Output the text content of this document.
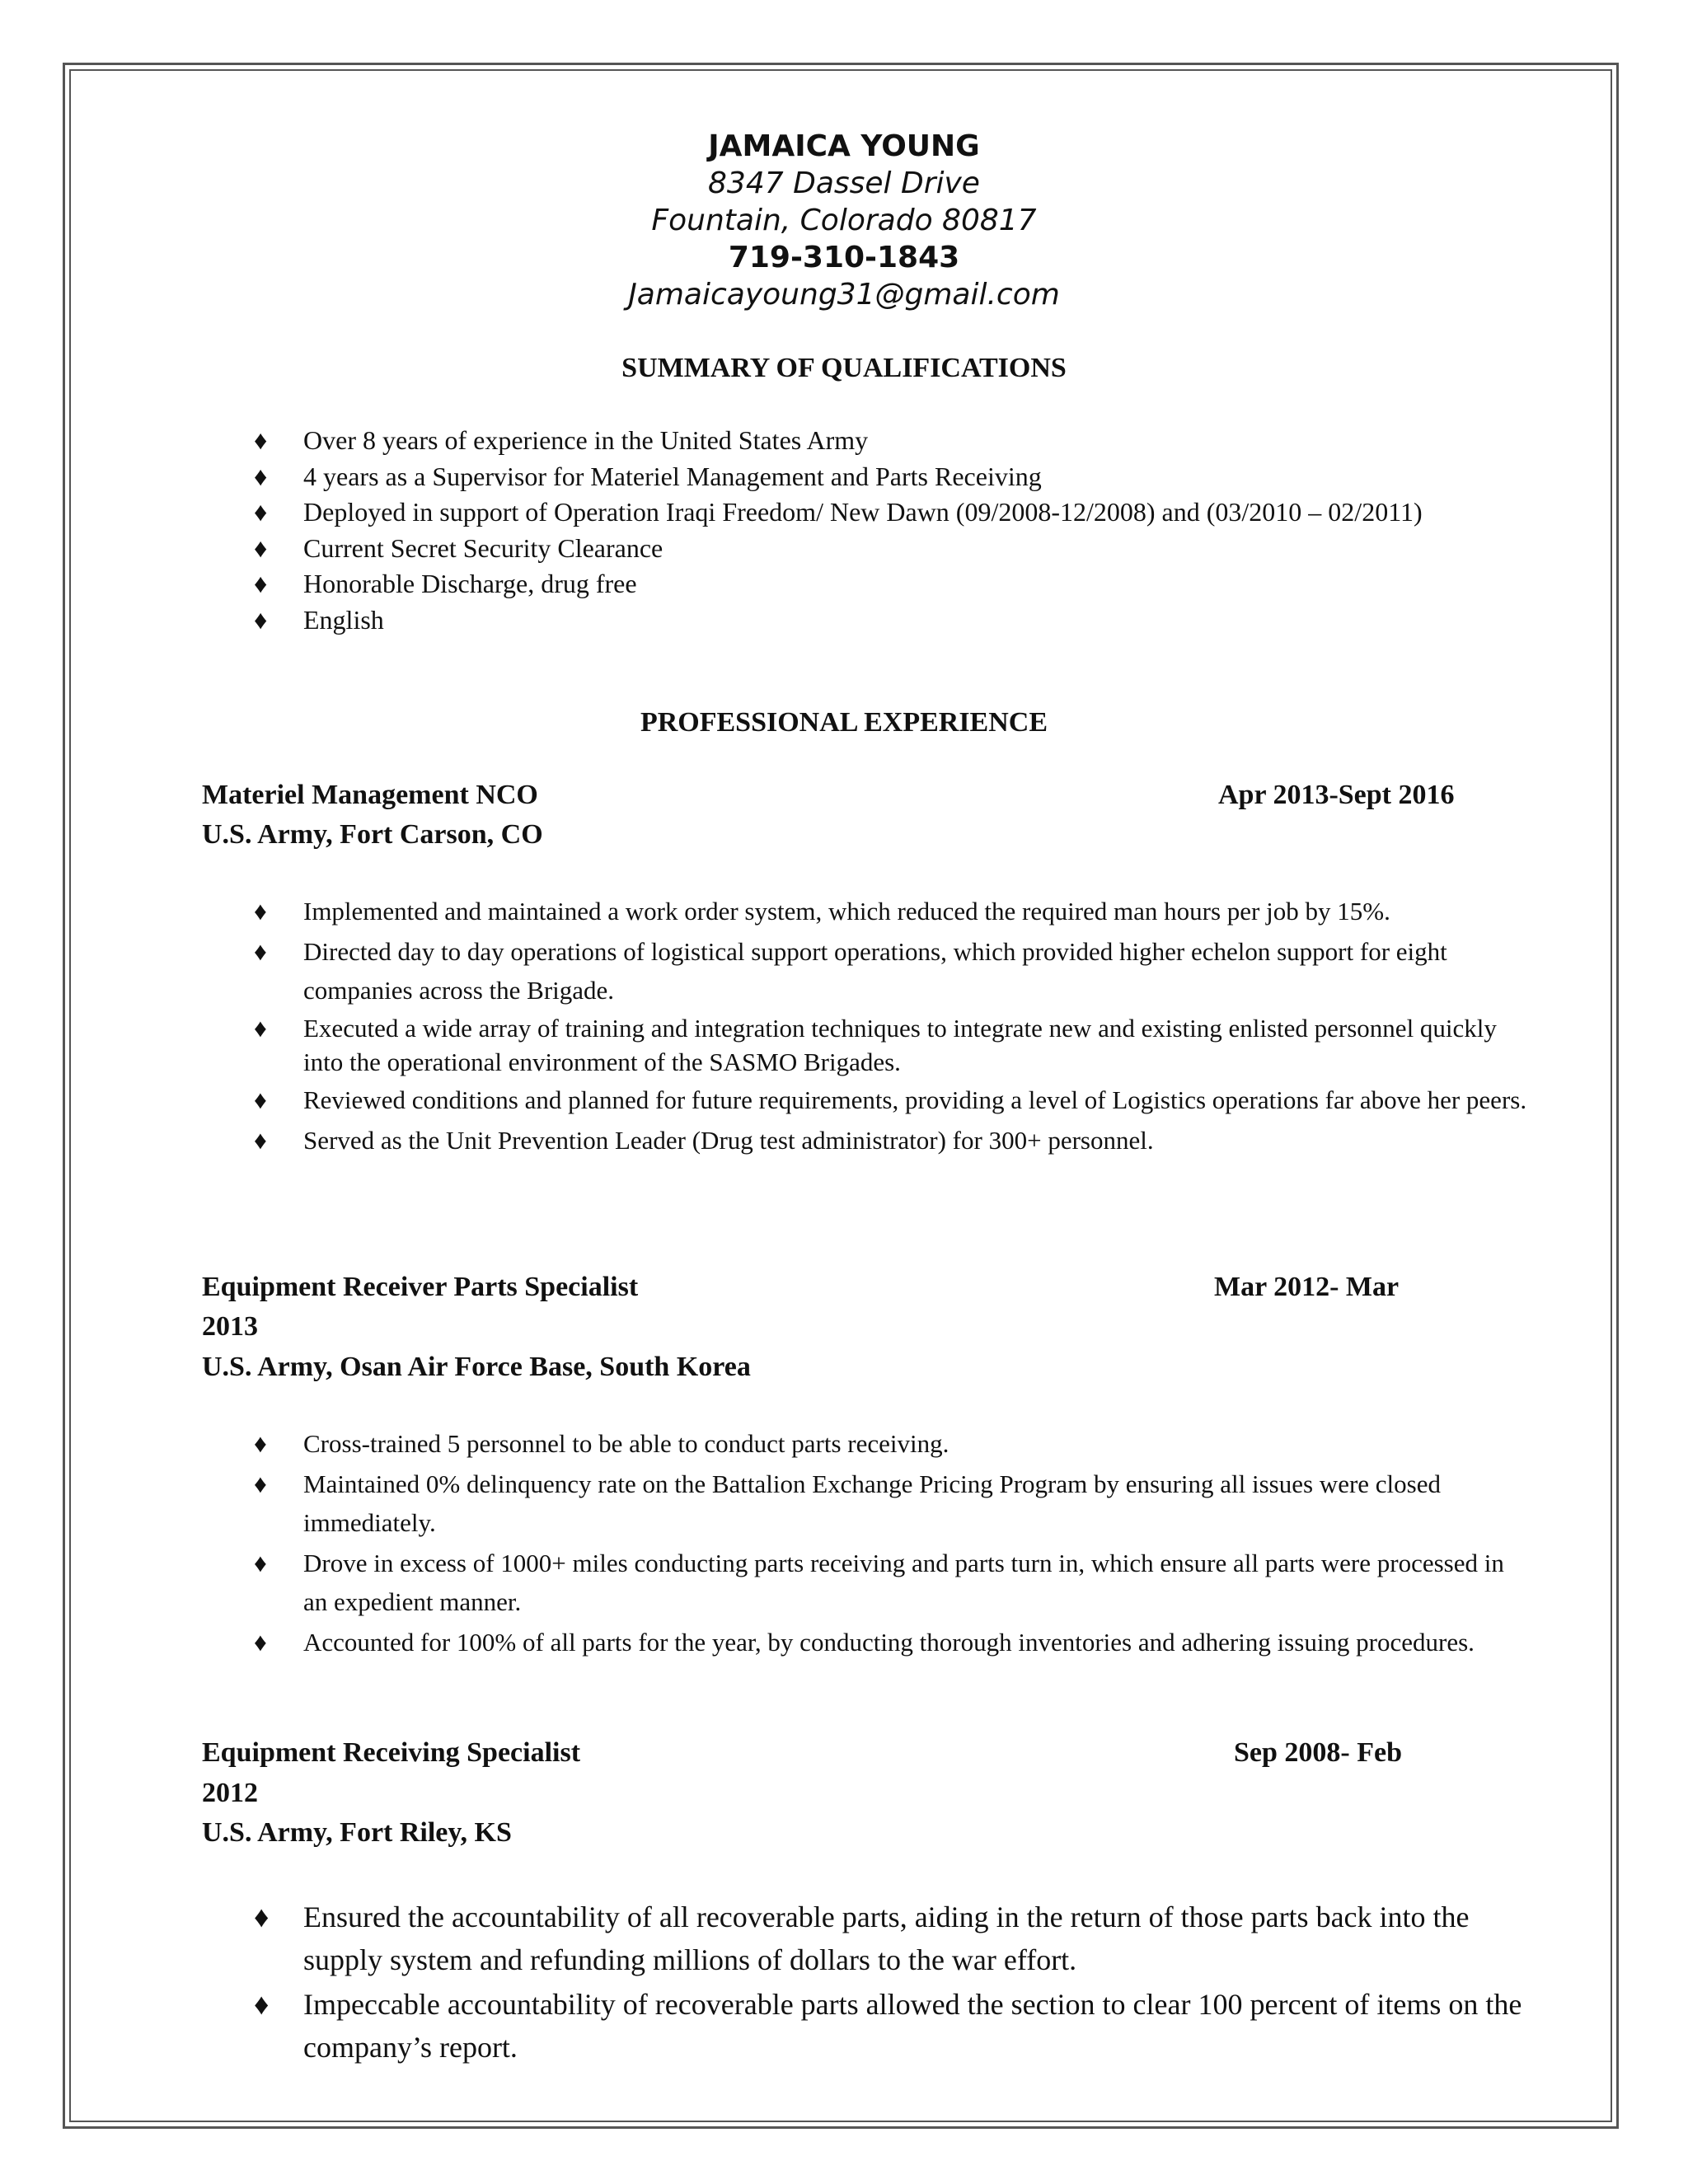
JAMAICA YOUNG
8347 Dassel Drive
Fountain, Colorado 80817
719-310-1843
Jamaicayoung31@gmail.com
SUMMARY OF QUALIFICATIONS
♦ Over 8 years of experience in the United States Army
♦ 4 years as a Supervisor for Materiel Management and Parts Receiving
♦ Deployed in support of Operation Iraqi Freedom/ New Dawn (09/2008-12/2008) and (03/2010 – 02/2011)
♦ Current Secret Security Clearance
♦ Honorable Discharge, drug free
♦ English
PROFESSIONAL EXPERIENCE
Materiel Management NCO	Apr 2013-Sept 2016
U.S. Army, Fort Carson, CO
♦ Implemented and maintained a work order system, which reduced the required man hours per job by 15%.
♦ Directed day to day operations of logistical support operations, which provided higher echelon support for eight companies across the Brigade.
♦ Executed a wide array of training and integration techniques to integrate new and existing enlisted personnel quickly into the operational environment of the SASMO Brigades.
♦ Reviewed conditions and planned for future requirements, providing a level of Logistics operations far above her peers.
♦ Served as the Unit Prevention Leader (Drug test administrator) for 300+ personnel.
Equipment Receiver Parts Specialist	Mar 2012- Mar
2013
U.S. Army, Osan Air Force Base, South Korea
♦ Cross-trained 5 personnel to be able to conduct parts receiving.
♦ Maintained 0% delinquency rate on the Battalion Exchange Pricing Program by ensuring all issues were closed immediately.
♦ Drove in excess of 1000+ miles conducting parts receiving and parts turn in, which ensure all parts were processed in an expedient manner.
♦ Accounted for 100% of all parts for the year, by conducting thorough inventories and adhering issuing procedures.
Equipment Receiving Specialist	Sep 2008- Feb
2012
U.S. Army, Fort Riley, KS
♦ Ensured the accountability of all recoverable parts, aiding in the return of those parts back into the supply system and refunding millions of dollars to the war effort.
♦ Impeccable accountability of recoverable parts allowed the section to clear 100 percent of items on the company’s report.
